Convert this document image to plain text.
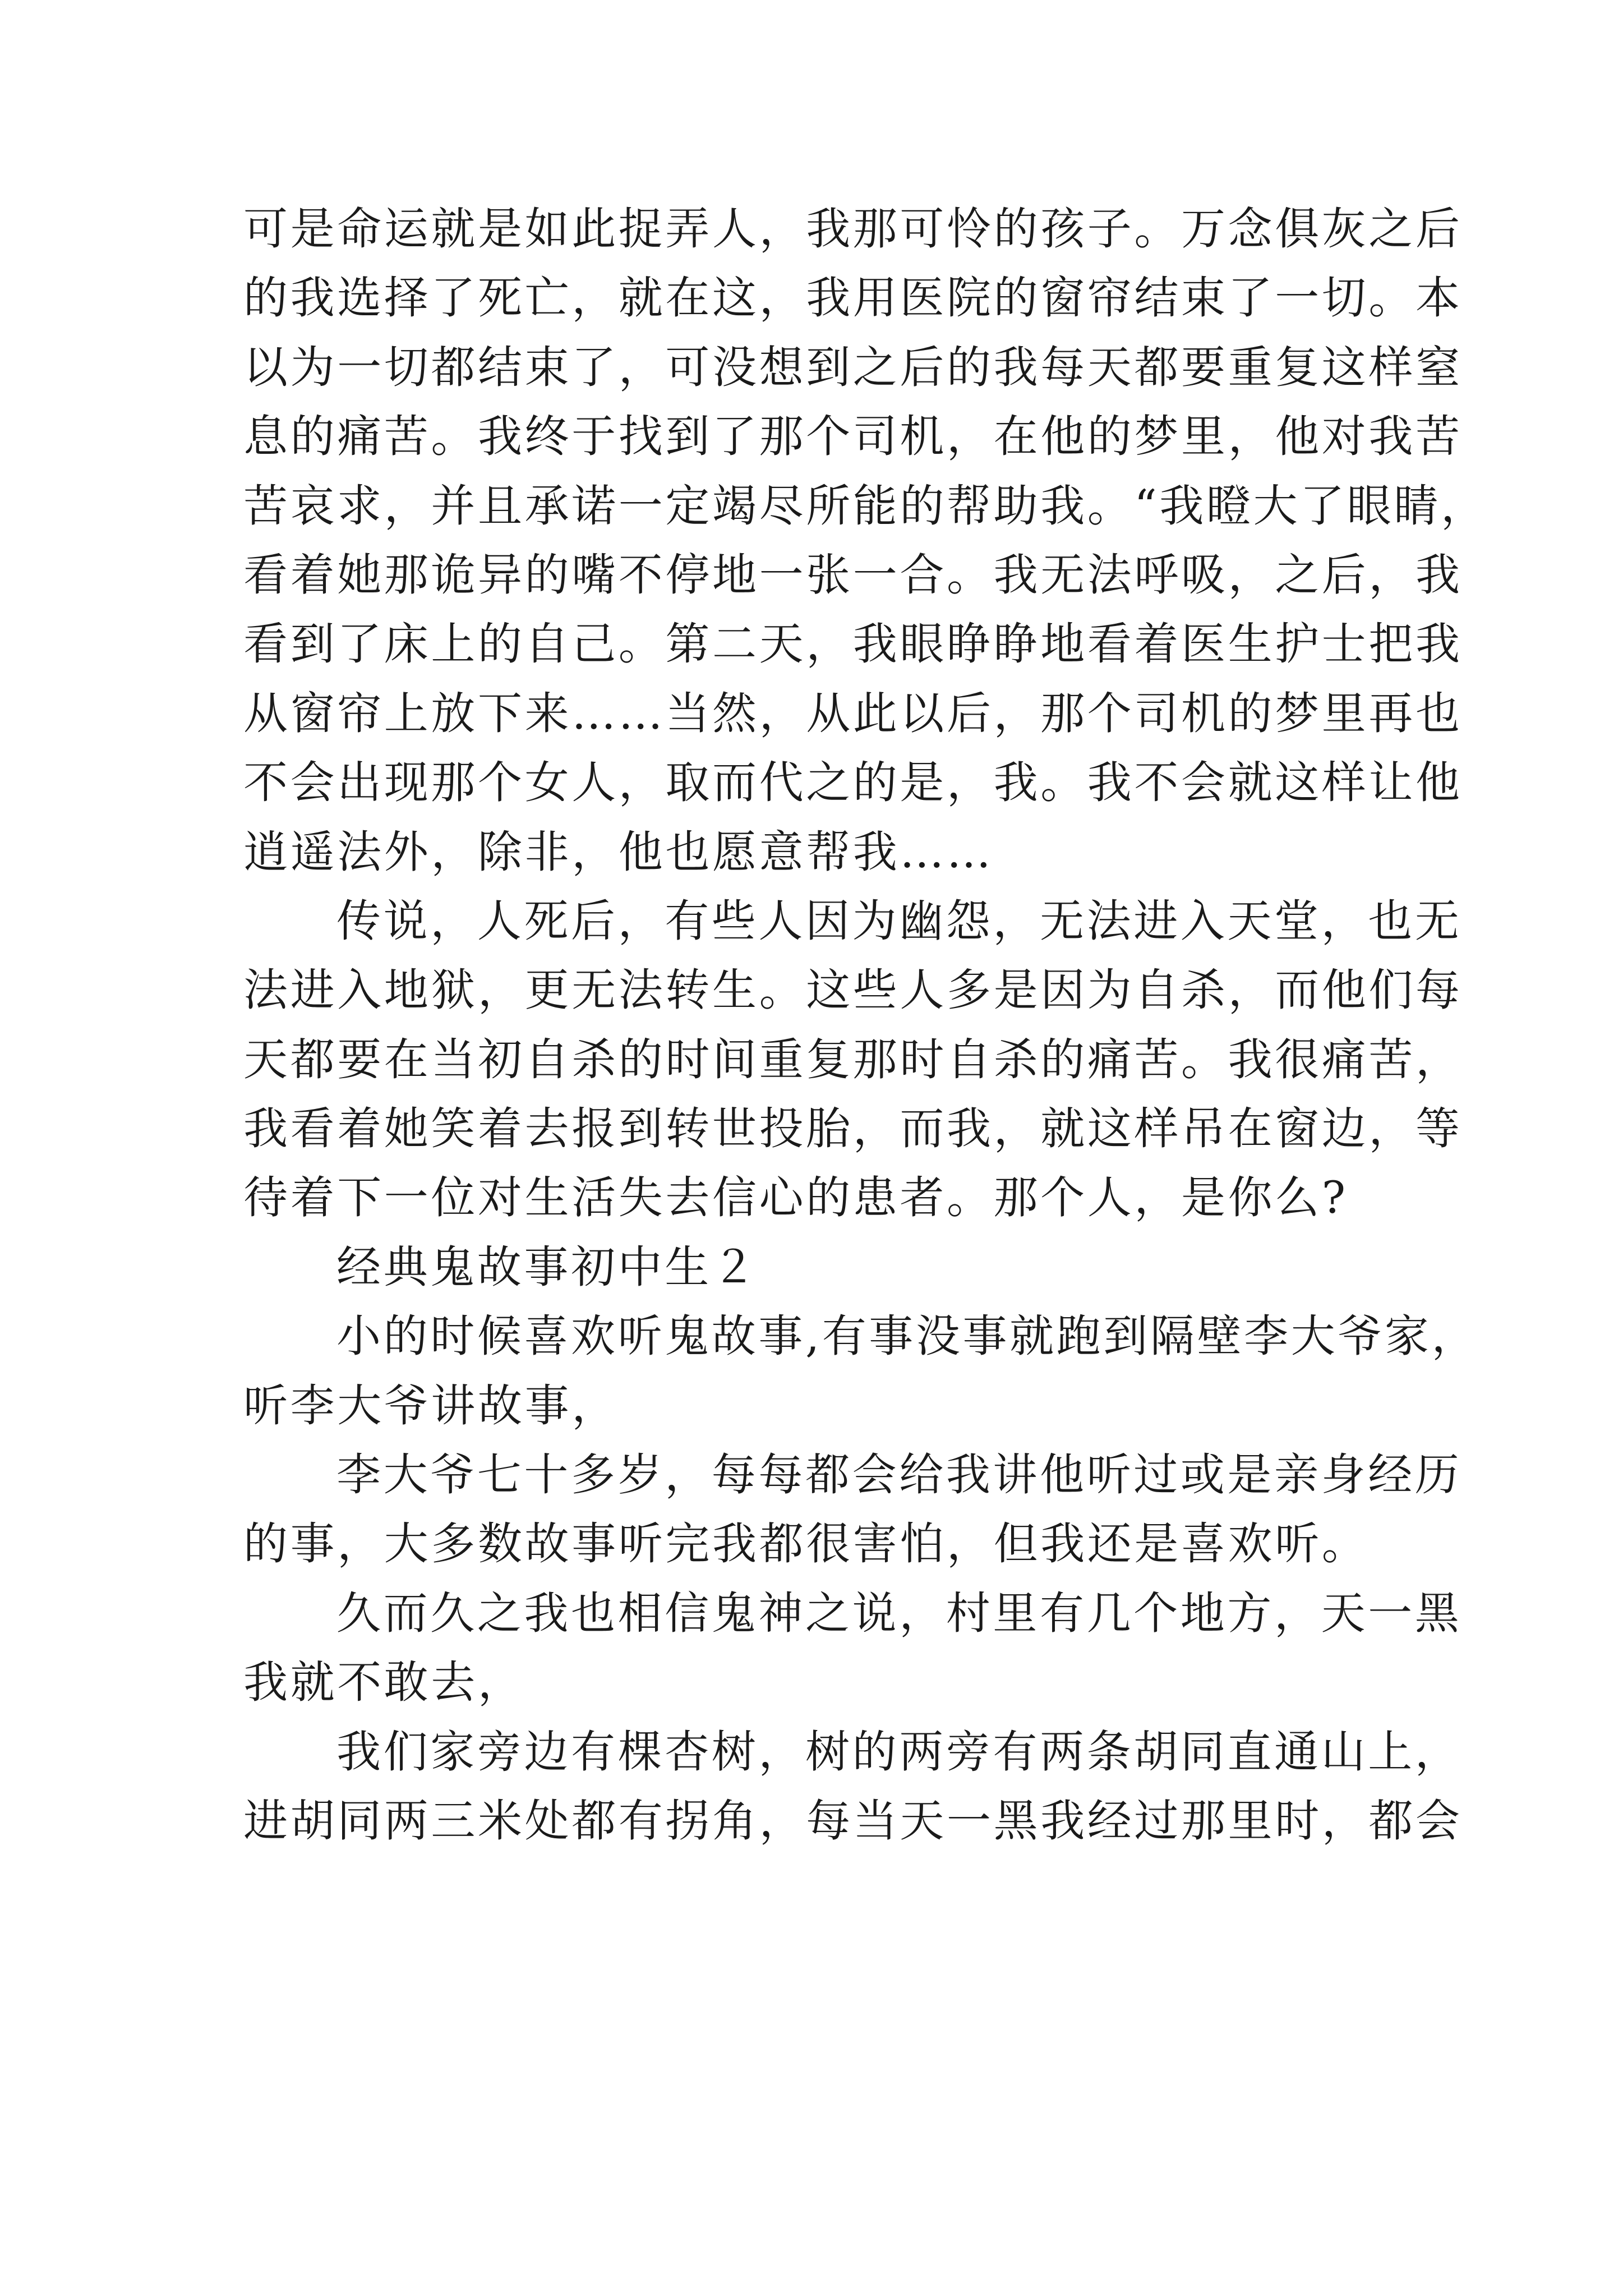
可是命运就是如此捉弄人，我那可怜的孩子。万念俱灰之后
的我选择了死亡，就在这，我用医院的窗帘结束了一切。本
以为一切都结束了，可没想到之后的我每天都要重复这样窒
息的痛苦。我终于找到了那个司机，在他的梦里，他对我苦
苦哀求，并且承诺一定竭尽所能的帮助我。“我瞪大了眼睛，
看着她那诡异的嘴不停地一张一合。我无法呼吸，之后，我
看到了床上的自己。第二天，我眼睁睁地看着医生护士把我
从窗帘上放下来……当然，从此以后，那个司机的梦里再也
不会出现那个女人，取而代之的是，我。我不会就这样让他
逍遥法外，除非，他也愿意帮我……
传说，人死后，有些人因为幽怨，无法进入天堂，也无
法进入地狱，更无法转生。这些人多是因为自杀，而他们每
天都要在当初自杀的时间重复那时自杀的痛苦。我很痛苦，
我看着她笑着去报到转世投胎，而我，就这样吊在窗边，等
待着下一位对生活失去信心的患者。那个人，是你么?
经典鬼故事初中生２
小的时候喜欢听鬼故事,有事没事就跑到隔壁李大爷家，
听李大爷讲故事，
李大爷七十多岁，每每都会给我讲他听过或是亲身经历
的事，大多数故事听完我都很害怕，但我还是喜欢听。
久而久之我也相信鬼神之说，村里有几个地方，天一黑
我就不敢去，
我们家旁边有棵杏树，树的两旁有两条胡同直通山上，
进胡同两三米处都有拐角，每当天一黑我经过那里时，都会
